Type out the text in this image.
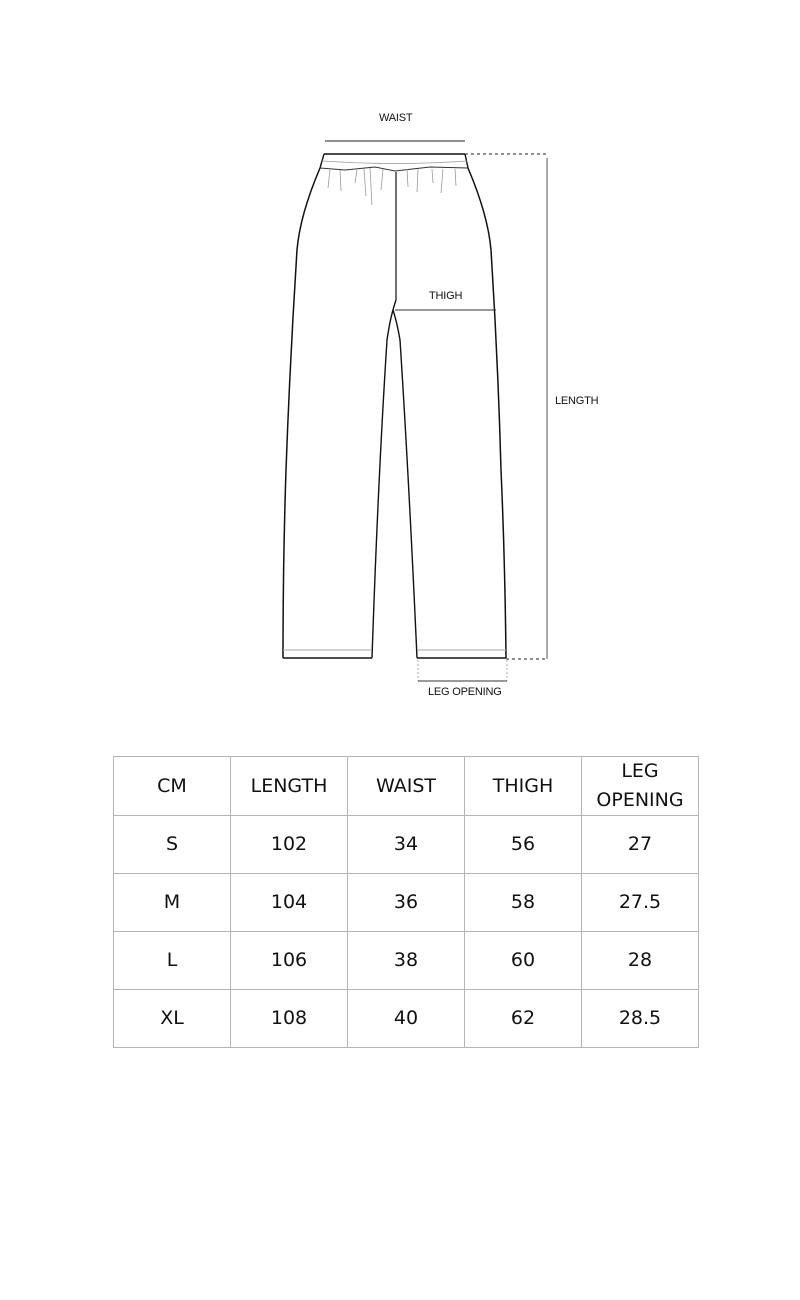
WAIST
THIGH
LENGTH
LEG OPENING
CM	LENGTH	WAIST	THIGH	LEG
OPENING
S	102	34	56	27
M	104	36	58	27.5
L	106	38	60	28
XL	108	40	62	28.5
